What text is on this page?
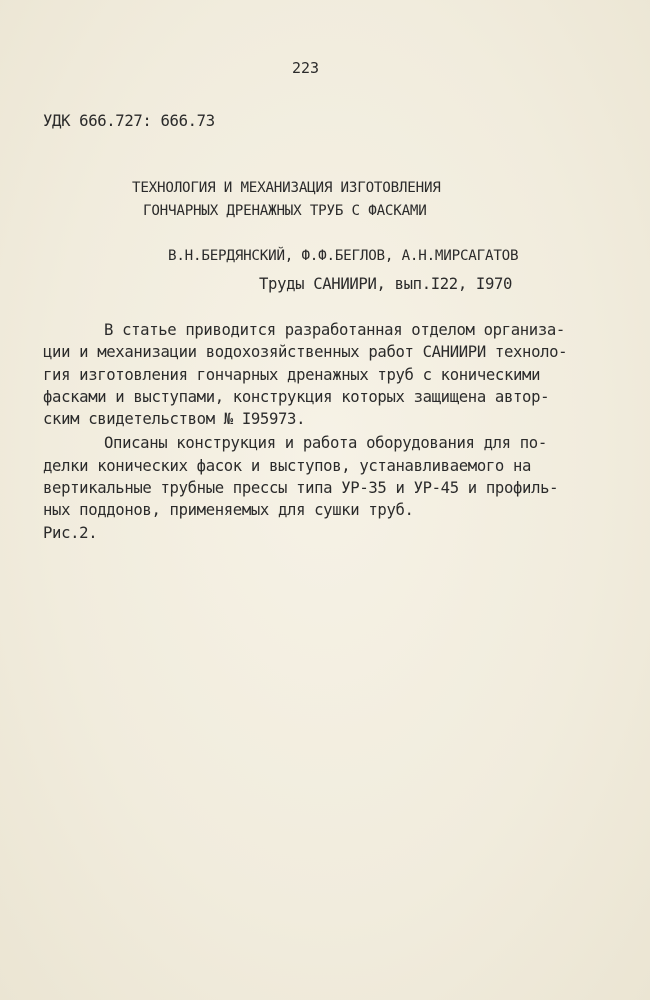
223
УДК 666.727: 666.73
ТЕХНОЛОГИЯ И МЕХАНИЗАЦИЯ ИЗГОТОВЛЕНИЯ
ГОНЧАРНЫХ ДРЕНАЖНЫХ ТРУБ С ФАСКАМИ
В.Н.БЕРДЯНСКИЙ, Ф.Ф.БЕГЛОВ, А.Н.МИРСАГАТОВ
Труды САНИИРИ, вып.I22, I970
В статье приводится разработанная отделом организа-
ции и механизации водохозяйственных работ САНИИРИ техноло-
гия изготовления гончарных дренажных труб с коническими
фасками и выступами, конструкция которых защищена автор-
ским свидетельством № I95973.
Описаны конструкция и работа оборудования для по-
делки конических фасок и выступов, устанавливаемого на
вертикальные трубные прессы типа УР-35 и УР-45 и профиль-
ных поддонов, применяемых для сушки труб.
Рис.2.
